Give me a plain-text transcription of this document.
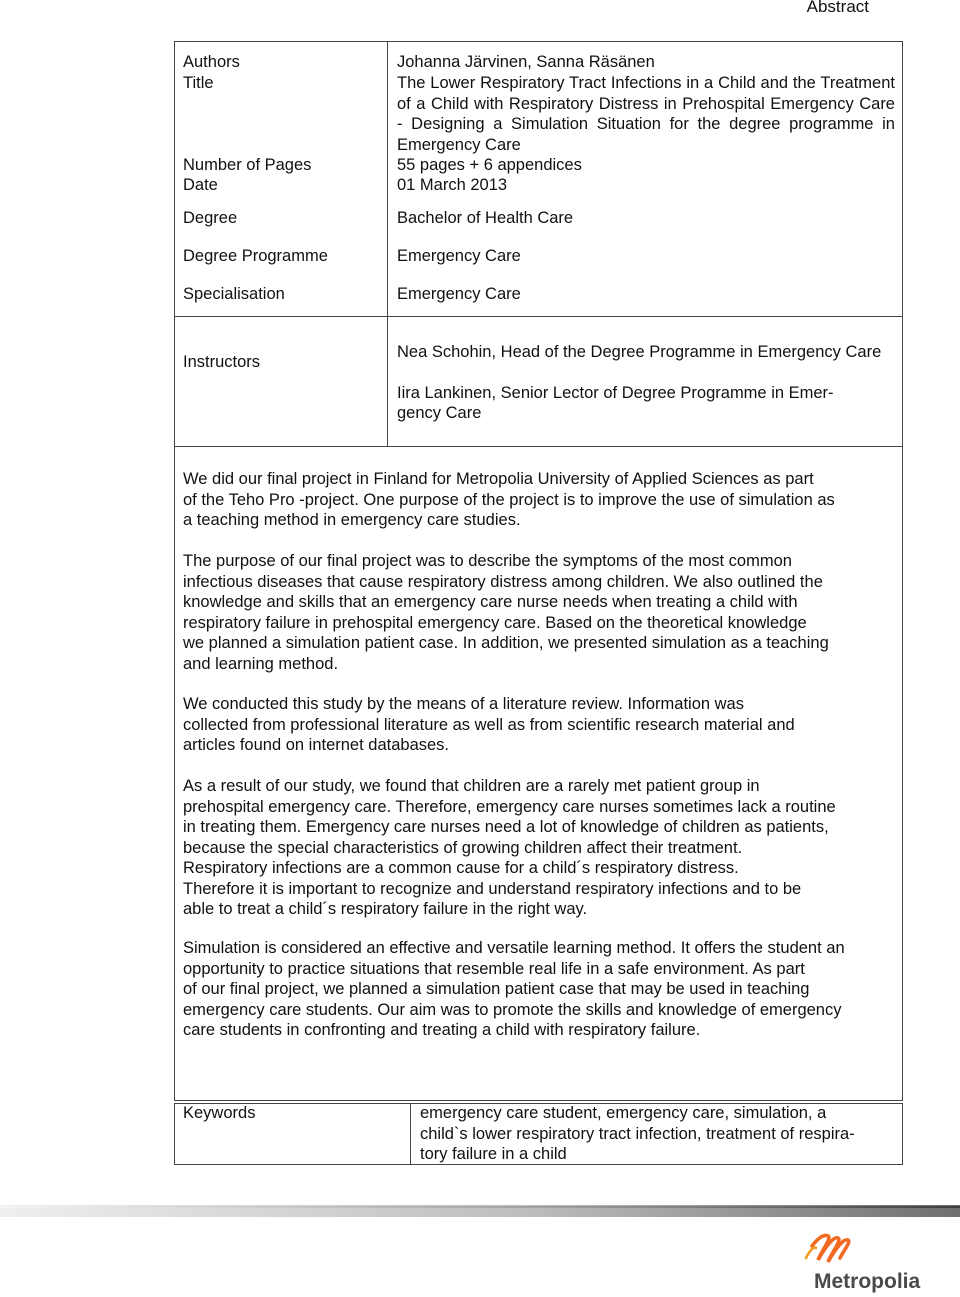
Abstract
Authors
Title
Number of Pages
Date
Degree
Degree Programme
Specialisation
Instructors
Johanna Järvinen, Sanna Räsänen
The Lower Respiratory Tract Infections in a Child and the Treatment of a Child with Respiratory Distress in Prehospital Emergency Care - Designing a Simulation Situation for the degree programme in Emergency Care
55 pages + 6 appendices
01 March 2013
Bachelor of Health Care
Emergency Care
Emergency Care
Nea Schohin, Head of the Degree Programme in Emergency Care
Iira Lankinen, Senior Lector of Degree Programme in Emer-
gency Care
We did our final project in Finland for Metropolia University of Applied Sciences as part
of the Teho Pro -project. One purpose of the project is to improve the use of simulation as
a teaching method in emergency care studies.
The purpose of our final project was to describe the symptoms of the most common
infectious diseases that cause respiratory distress among children. We also outlined the
knowledge and skills that an emergency care nurse needs when treating a child with
respiratory failure in prehospital emergency care. Based on the theoretical knowledge
we planned a simulation patient case. In addition, we presented simulation as a teaching
and learning method.
We conducted this study by the means of a literature review. Information was
collected from professional literature as well as from scientific research material and
articles found on internet databases.
As a result of our study, we found that children are a rarely met patient group in
prehospital emergency care. Therefore, emergency care nurses sometimes lack a routine
in treating them. Emergency care nurses need a lot of knowledge of children as patients,
because the special characteristics of growing children affect their treatment.
Respiratory infections are a common cause for a child´s respiratory distress.
Therefore it is important to recognize and understand respiratory infections and to be
able to treat a child´s respiratory failure in the right way.
Simulation is considered an effective and versatile learning method. It offers the student an
opportunity to practice situations that resemble real life in a safe environment. As part
of our final project, we planned a simulation patient case that may be used in teaching
emergency care students. Our aim was to promote the skills and knowledge of emergency
care students in confronting and treating a child with respiratory failure.
Keywords	emergency care student, emergency care, simulation, a
child`s lower respiratory tract infection, treatment of respira-
tory failure in a child
Metropolia
